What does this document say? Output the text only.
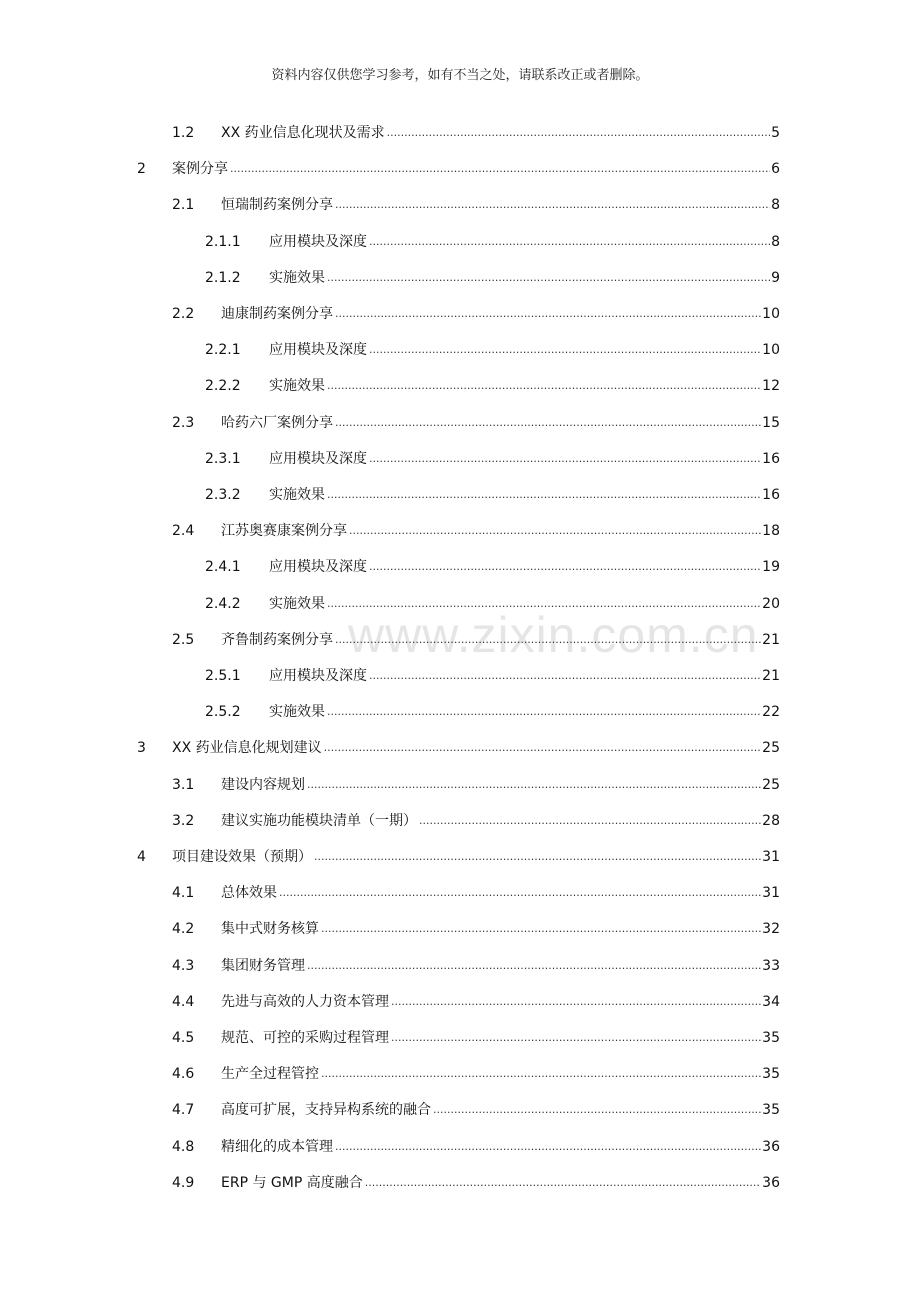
资料内容仅供您学习参考，如有不当之处，请联系改正或者删除。
www.zixin.com.cn
1.2	XX 药业信息化现状及需求 .....	5
2	案例分享 .....	6
2.1	恒瑞制药案例分享 .....	8
2.1.1	应用模块及深度 .....	8
2.1.2	实施效果 .....	9
2.2	迪康制药案例分享 .....	10
2.2.1	应用模块及深度 .....	10
2.2.2	实施效果 .....	12
2.3	哈药六厂案例分享 .....	15
2.3.1	应用模块及深度 .....	16
2.3.2	实施效果 .....	16
2.4	江苏奥赛康案例分享 .....	18
2.4.1	应用模块及深度 .....	19
2.4.2	实施效果 .....	20
2.5	齐鲁制药案例分享 .....	21
2.5.1	应用模块及深度 .....	21
2.5.2	实施效果 .....	22
3	XX 药业信息化规划建议 .....	25
3.1	建设内容规划 .....	25
3.2	建议实施功能模块清单（一期） .....	28
4	项目建设效果（预期） .....	31
4.1	总体效果 .....	31
4.2	集中式财务核算 .....	32
4.3	集团财务管理 .....	33
4.4	先进与高效的人力资本管理 .....	34
4.5	规范、可控的采购过程管理 .....	35
4.6	生产全过程管控 .....	35
4.7	高度可扩展，支持异构系统的融合 .....	35
4.8	精细化的成本管理 .....	36
4.9	ERP 与 GMP 高度融合 .....	36
